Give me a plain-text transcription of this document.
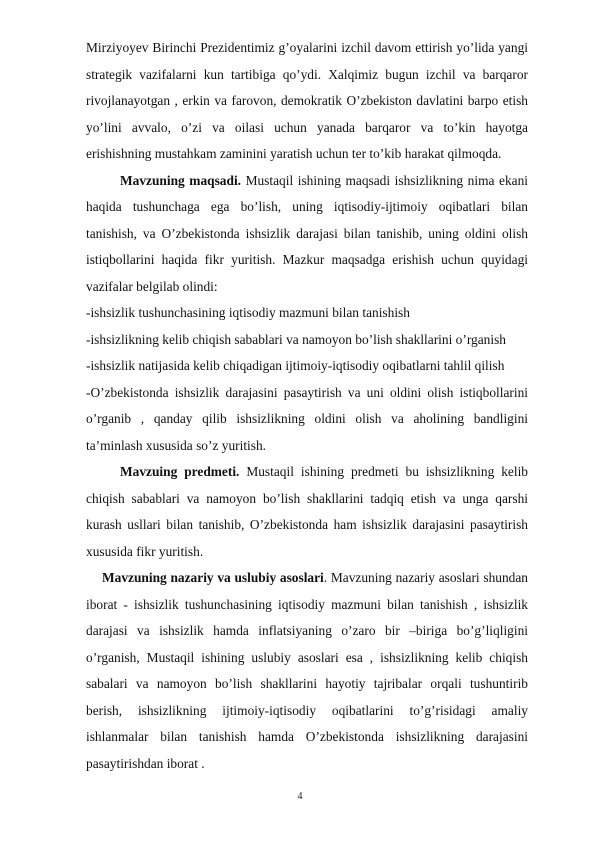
Mirziyoyev Birinchi Prezidentimiz g’oyalarini izchil davom ettirish yo’lida yangi
strategik vazifalarni kun tartibiga qo’ydi. Xalqimiz bugun izchil va barqaror
rivojlanayotgan , erkin va farovon, demokratik O’zbekiston davlatini barpo etish
yo’lini avvalo, o’zi va oilasi uchun yanada barqaror va to’kin hayotga
erishishning mustahkam zaminini yaratish uchun ter to’kib harakat qilmoqda.
Mavzuning maqsadi. Mustaqil ishining maqsadi ishsizlikning nima ekani
haqida tushunchaga ega bo’lish, uning iqtisodiy-ijtimoiy oqibatlari bilan
tanishish, va O’zbekistonda ishsizlik darajasi bilan tanishib, uning oldini olish
istiqbollarini haqida fikr yuritish. Mazkur maqsadga erishish uchun quyidagi
vazifalar belgilab olindi:
-ishsizlik tushunchasining iqtisodiy mazmuni bilan tanishish
-ishsizlikning kelib chiqish sabablari va namoyon bo’lish shakllarini o’rganish
-ishsizlik natijasida kelib chiqadigan ijtimoiy-iqtisodiy oqibatlarni tahlil qilish
-O’zbekistonda ishsizlik darajasini pasaytirish va uni oldini olish istiqbollarini
o’rganib , qanday qilib ishsizlikning oldini olish va aholining bandligini
ta’minlash xususida so’z yuritish.
Mavzuing predmeti. Mustaqil ishining predmeti bu ishsizlikning kelib
chiqish sabablari va namoyon bo’lish shakllarini tadqiq etish va unga qarshi
kurash usllari bilan tanishib, O’zbekistonda ham ishsizlik darajasini pasaytirish
xususida fikr yuritish.
Mavzuning nazariy va uslubiy asoslari. Mavzuning nazariy asoslari shundan
iborat - ishsizlik tushunchasining iqtisodiy mazmuni bilan tanishish , ishsizlik
darajasi va ishsizlik hamda inflatsiyaning o’zaro bir –biriga bo’g’liqligini
o’rganish, Mustaqil ishining uslubiy asoslari esa , ishsizlikning kelib chiqish
sabalari va namoyon bo’lish shakllarini hayotiy tajribalar orqali tushuntirib
berish, ishsizlikning ijtimoiy-iqtisodiy oqibatlarini to’g’risidagi amaliy
ishlanmalar bilan tanishish hamda O’zbekistonda ishsizlikning darajasini
pasaytirishdan iborat .
4
